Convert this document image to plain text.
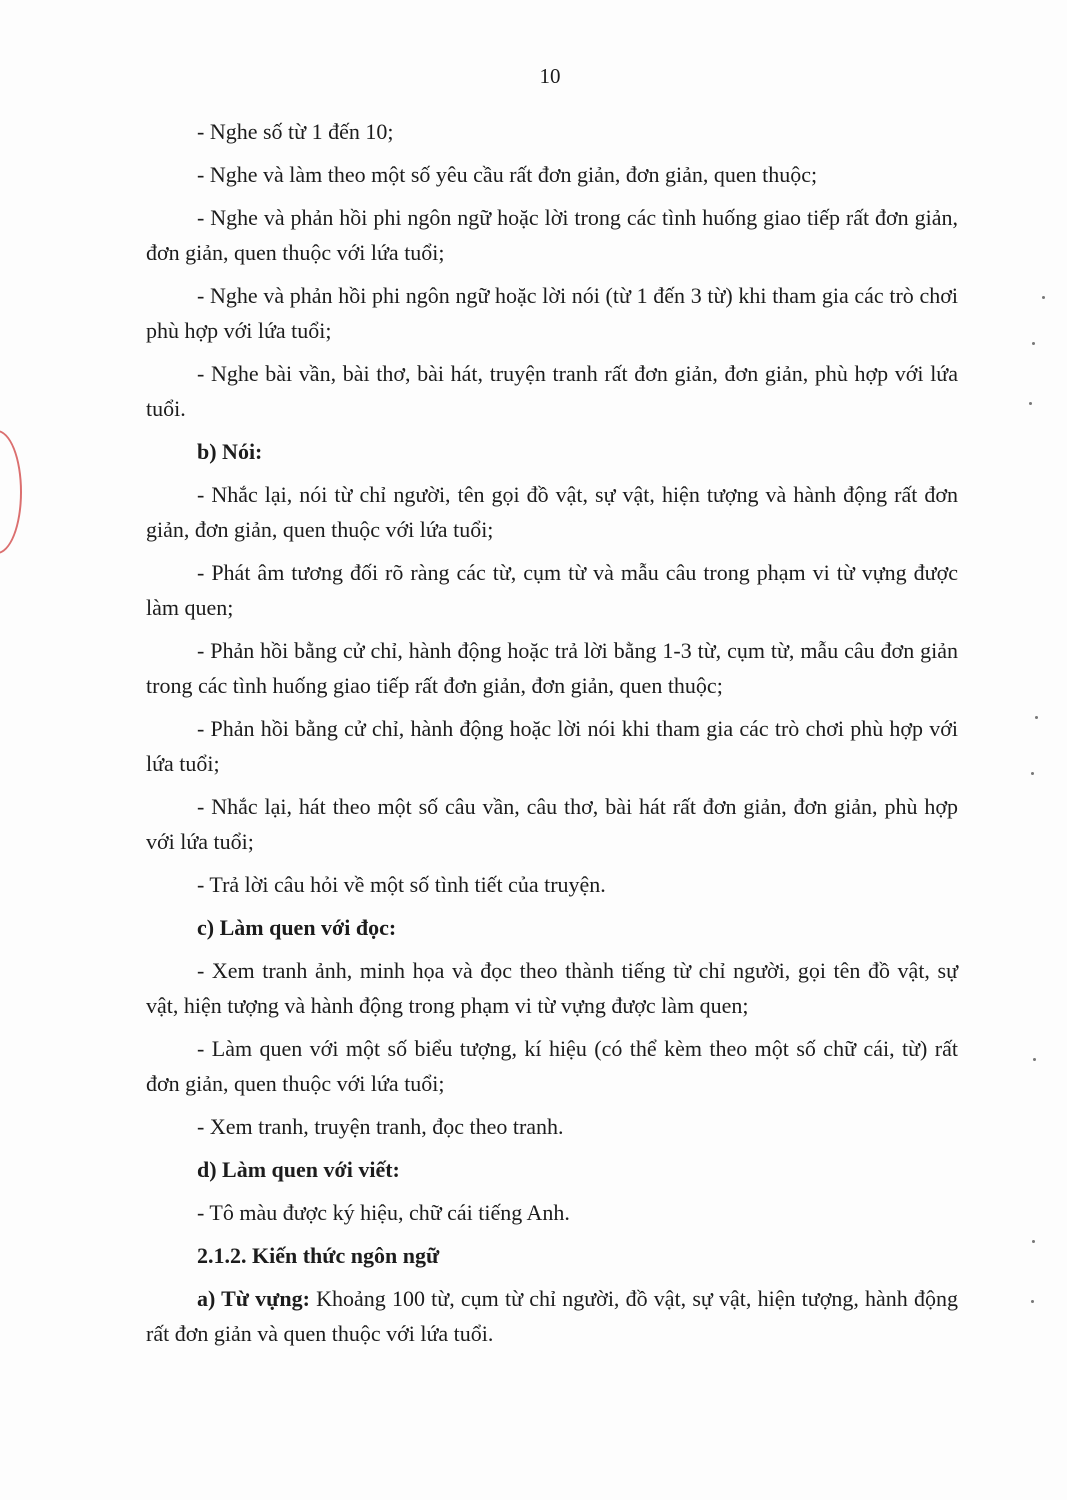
10

- Nghe số từ 1 đến 10;

- Nghe và làm theo một số yêu cầu rất đơn giản, đơn giản, quen thuộc;

- Nghe và phản hồi phi ngôn ngữ hoặc lời trong các tình huống giao tiếp rất đơn giản, đơn giản, quen thuộc với lứa tuổi;

- Nghe và phản hồi phi ngôn ngữ hoặc lời nói (từ 1 đến 3 từ) khi tham gia các trò chơi phù hợp với lứa tuổi;

- Nghe bài vần, bài thơ, bài hát, truyện tranh rất đơn giản, đơn giản, phù hợp với lứa tuổi.

b) Nói:

- Nhắc lại, nói từ chỉ người, tên gọi đồ vật, sự vật, hiện tượng và hành động rất đơn giản, đơn giản, quen thuộc với lứa tuổi;

- Phát âm tương đối rõ ràng các từ, cụm từ và mẫu câu trong phạm vi từ vựng được làm quen;

- Phản hồi bằng cử chỉ, hành động hoặc trả lời bằng 1-3 từ, cụm từ, mẫu câu đơn giản trong các tình huống giao tiếp rất đơn giản, đơn giản, quen thuộc;

- Phản hồi bằng cử chỉ, hành động hoặc lời nói khi tham gia các trò chơi phù hợp với lứa tuổi;

- Nhắc lại, hát theo một số câu vần, câu thơ, bài hát rất đơn giản, đơn giản, phù hợp với lứa tuổi;

- Trả lời câu hỏi về một số tình tiết của truyện.

c) Làm quen với đọc:

- Xem tranh ảnh, minh họa và đọc theo thành tiếng từ chỉ người, gọi tên đồ vật, sự vật, hiện tượng và hành động trong phạm vi từ vựng được làm quen;

- Làm quen với một số biểu tượng, kí hiệu (có thể kèm theo một số chữ cái, từ) rất đơn giản, quen thuộc với lứa tuổi;

- Xem tranh, truyện tranh, đọc theo tranh.

d) Làm quen với viết:

- Tô màu được ký hiệu, chữ cái tiếng Anh.

2.1.2. Kiến thức ngôn ngữ

a) Từ vựng: Khoảng 100 từ, cụm từ chỉ người, đồ vật, sự vật, hiện tượng, hành động rất đơn giản và quen thuộc với lứa tuổi.
